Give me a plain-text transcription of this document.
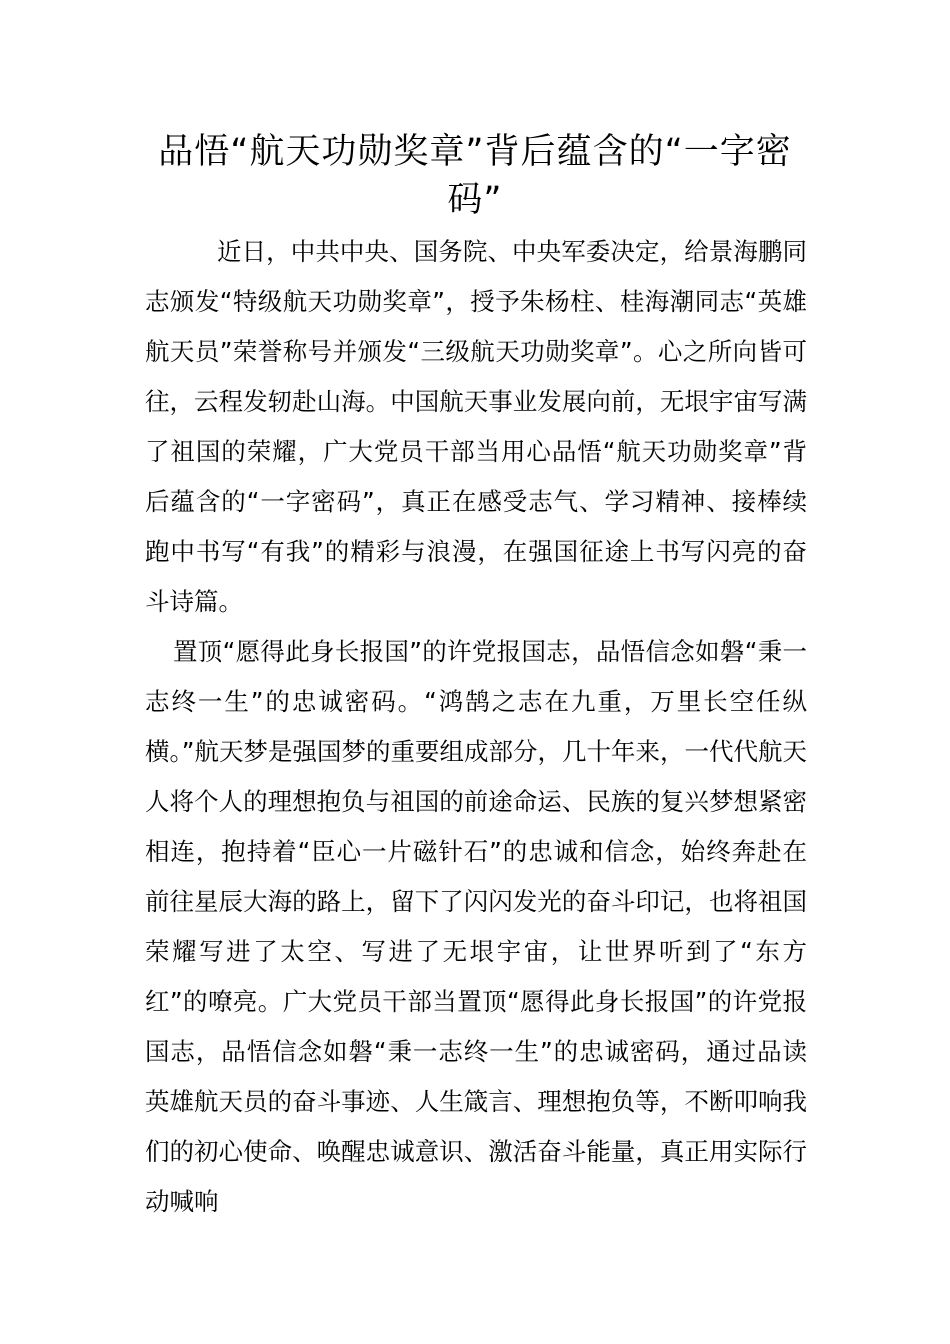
品悟“航天功勋奖章”背后蕴含的“一字密码”

近日，中共中央、国务院、中央军委决定，给景海鹏同志颁发“特级航天功勋奖章”，授予朱杨柱、桂海潮同志“英雄航天员”荣誉称号并颁发“三级航天功勋奖章”。心之所向皆可往，云程发轫赴山海。中国航天事业发展向前，无垠宇宙写满了祖国的荣耀，广大党员干部当用心品悟“航天功勋奖章”背后蕴含的“一字密码”，真正在感受志气、学习精神、接棒续跑中书写“有我”的精彩与浪漫，在强国征途上书写闪亮的奋斗诗篇。

置顶“愿得此身长报国”的许党报国志，品悟信念如磐“秉一志终一生”的忠诚密码。“鸿鹄之志在九重，万里长空任纵横。”航天梦是强国梦的重要组成部分，几十年来，一代代航天人将个人的理想抱负与祖国的前途命运、民族的复兴梦想紧密相连，抱持着“臣心一片磁针石”的忠诚和信念，始终奔赴在前往星辰大海的路上，留下了闪闪发光的奋斗印记，也将祖国荣耀写进了太空、写进了无垠宇宙，让世界听到了“东方红”的嘹亮。广大党员干部当置顶“愿得此身长报国”的许党报国志，品悟信念如磐“秉一志终一生”的忠诚密码，通过品读英雄航天员的奋斗事迹、人生箴言、理想抱负等，不断叩响我们的初心使命、唤醒忠诚意识、激活奋斗能量，真正用实际行动喊响
